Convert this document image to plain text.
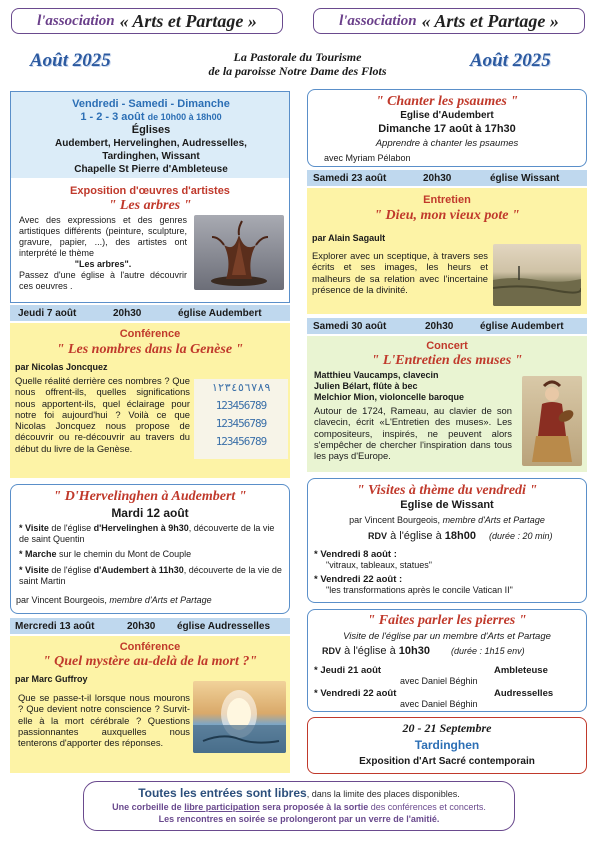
l'association « Arts et Partage »	l'association « Arts et Partage »
Août 2025	Août 2025
La Pastorale du Tourisme
de la paroisse Notre Dame des Flots
Vendredi - Samedi - Dimanche
1 - 2 - 3 août de 10h00 à 18h00
Églises
Audembert, Hervelinghen, Audresselles,
Tardinghen, Wissant
Chapelle St Pierre d'Ambleteuse
Exposition d'œuvres d'artistes
" Les arbres "
Avec des expressions et des genres artistiques différents (peinture, sculpture, gravure, papier, ...), des artistes ont interprété le thème
"Les arbres".
Passez d'une église à l'autre découvrir ces oeuvres .
Jeudi 7 août	20h30	église Audembert
Conférence
" Les nombres dans la Genèse "
par Nicolas Joncquez
Quelle réalité derrière ces nombres ? Que nous offrent-ils, quelles significations nous apportent-ils, quel éclairage pour notre foi aujourd'hui ? Voilà ce que Nicolas Joncquez nous propose de découvrir ou re-découvrir au travers du début du livre de la Genèse.
١٢٣٤٥٦٧٨٩
123456789
123456789
123456789
" D'Hervelinghen à Audembert "
Mardi 12 août
* Visite de l'église d'Hervelinghen à 9h30, découverte de la vie de saint Quentin
* Marche sur le chemin du Mont de Couple
* Visite de l'église d'Audembert à 11h30, découverte de la vie de saint Martin
par Vincent Bourgeois, membre d'Arts et Partage
Mercredi 13 août	20h30	église Audresselles
Conférence
" Quel mystère au-delà de la mort ?"
par Marc Guffroy
Que se passe-t-il lorsque nous mourons ? Que devient notre conscience ? Survit-elle à la mort cérébrale ? Questions passionnantes auxquelles nous tenterons d'apporter des réponses.
" Chanter les psaumes "
Eglise d'Audembert
Dimanche 17 août à 17h30
Apprendre à chanter les psaumes
avec Myriam Pélabon
Samedi 23 août	20h30	église Wissant
Entretien
" Dieu, mon vieux pote "
par Alain Sagault
Explorer avec un sceptique, à travers ses écrits et ses images, les heurs et malheurs de sa relation avec l'incertaine présence de la divinité.
Samedi 30 août	20h30	église Audembert
Concert
" L'Entretien des muses "
Matthieu Vaucamps, clavecin
Julien Bélart, flûte à bec
Melchior Mion, violoncelle baroque
Autour de 1724, Rameau, au clavier de son clavecin, écrit «L'Entretien des muses». Les compositeurs, inspirés, ne peuvent alors s'empêcher de chercher l'inspiration dans tous les pays d'Europe.
" Visites à thème du vendredi "
Eglise de Wissant
par Vincent Bourgeois, membre d'Arts et Partage
RDV à l'église à 18h00 (durée : 20 min)
* Vendredi 8 août :
"vitraux, tableaux, statues"
* Vendredi 22 août :
"les transformations après le concile Vatican II"
" Faites parler les pierres "
Visite de l'église par un membre d'Arts et Partage
RDV à l'église à 10h30 (durée : 1h15 env)
* Jeudi 21 août	Ambleteuse
avec Daniel Béghin
* Vendredi 22 août	Audresselles
avec Daniel Béghin
20 - 21 Septembre
Tardinghen
Exposition d'Art Sacré contemporain
Toutes les entrées sont libres, dans la limite des places disponibles.
Une corbeille de libre participation sera proposée à la sortie des conférences et concerts.
Les rencontres en soirée se prolongeront par un verre de l'amitié.
